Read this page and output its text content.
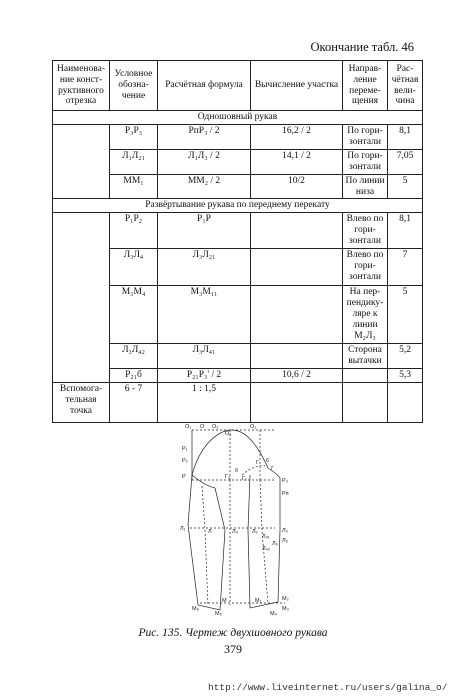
Окончание табл. 46
Наименова-ние конст-руктивного отрезка	Условное обозна-чение	Расчётная формула	Вычисление участка	Направ-ление переме-щения	Рас-чётная вели-чина
Одношовный рукав					
	Р₃Р₃	РпР₃ / 2	16,2 / 2	По гори-зонтали	8,1
	Л₁Л₂₁	Л₁Л₃ / 2	14,1 / 2	По гори-зонтали	7,05
	ММ₁	ММ₂ / 2	10/2	По линии низа	5
Развёртывание рукава по переднему перекату					
	Р₁Р₂	Р₁Р		Влево по гори-зонтали	8,1
	Л₃Л₄	Л₃Л₂₁		Влево по гори-зонтали	7
	М₃М₄	М₃М₁₁		На пер-пендику-ляре к линии М₂Л₃	5
	Л₃Л₄₂	Л₃Л₄₁		Сторона вытачки	5,2
	Р₂₁б	Р₂₁Р₃' / 2	10,6 / 2		5,3
Вспомога-тельная точка	6 - 7	1 : 1,5			
O₁ O O₃
O₂
O₁
P₁
P₂
P
б
Г
Г₁
Г₂
6
7
Р₃
Рп
Л₁	Л	Л₄	Л₂	Л₃
Л₅
Л₆
Л₄₁
Л₄₂
М₆
М₅
М	М₁	М₂
М₃
М₄
Рис. 135. Чертеж двухшовного рукава
379
http://www.liveinternet.ru/users/galina_o/
